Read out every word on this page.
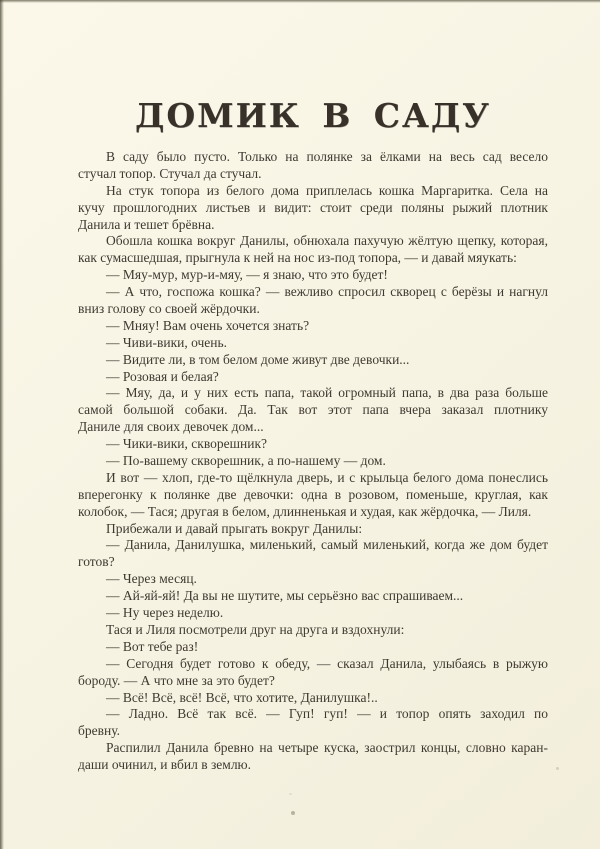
ДОМИК В САДУ
В саду было пусто. Только на полянке за ёлками на весь сад весело
стучал топор. Стучал да стучал.
На стук топора из белого дома приплелась кошка Маргаритка. Села на
кучу прошлогодних листьев и видит: стоит среди поляны рыжий плотник
Данила и тешет брёвна.
Обошла кошка вокруг Данилы, обнюхала пахучую жёлтую щепку, которая,
как сумасшедшая, прыгнула к ней на нос из-под топора, — и давай мяукать:
— Мяу-мур, мур-и-мяу, — я знаю, что это будет!
— А что, госпожа кошка? — вежливо спросил скворец с берёзы и нагнул
вниз голову со своей жёрдочки.
— Мняу! Вам очень хочется знать?
— Чиви-вики, очень.
— Видите ли, в том белом доме живут две девочки...
— Розовая и белая?
— Мяу, да, и у них есть папа, такой огромный папа, в два раза больше
самой большой собаки. Да. Так вот этот папа вчера заказал плотнику
Даниле для своих девочек дом...
— Чики-вики, скворешник?
— По-вашему скворешник, а по-нашему — дом.
И вот — хлоп, где-то щёлкнула дверь, и с крыльца белого дома понеслись
вперегонку к полянке две девочки: одна в розовом, поменьше, круглая, как
колобок, — Тася; другая в белом, длинненькая и худая, как жёрдочка, — Лиля.
Прибежали и давай прыгать вокруг Данилы:
— Данила, Данилушка, миленький, самый миленький, когда же дом будет
готов?
— Через месяц.
— Ай-яй-яй! Да вы не шутите, мы серьёзно вас спрашиваем...
— Ну через неделю.
Тася и Лиля посмотрели друг на друга и вздохнули:
— Вот тебе раз!
— Сегодня будет готово к обеду, — сказал Данила, улыбаясь в рыжую
бороду. — А что мне за это будет?
— Всё! Всё, всё! Всё, что хотите, Данилушка!..
— Ладно. Всё так всё. — Гуп! гуп! — и топор опять заходил по
бревну.
Распилил Данила бревно на четыре куска, заострил концы, словно каран-
даши очинил, и вбил в землю.
